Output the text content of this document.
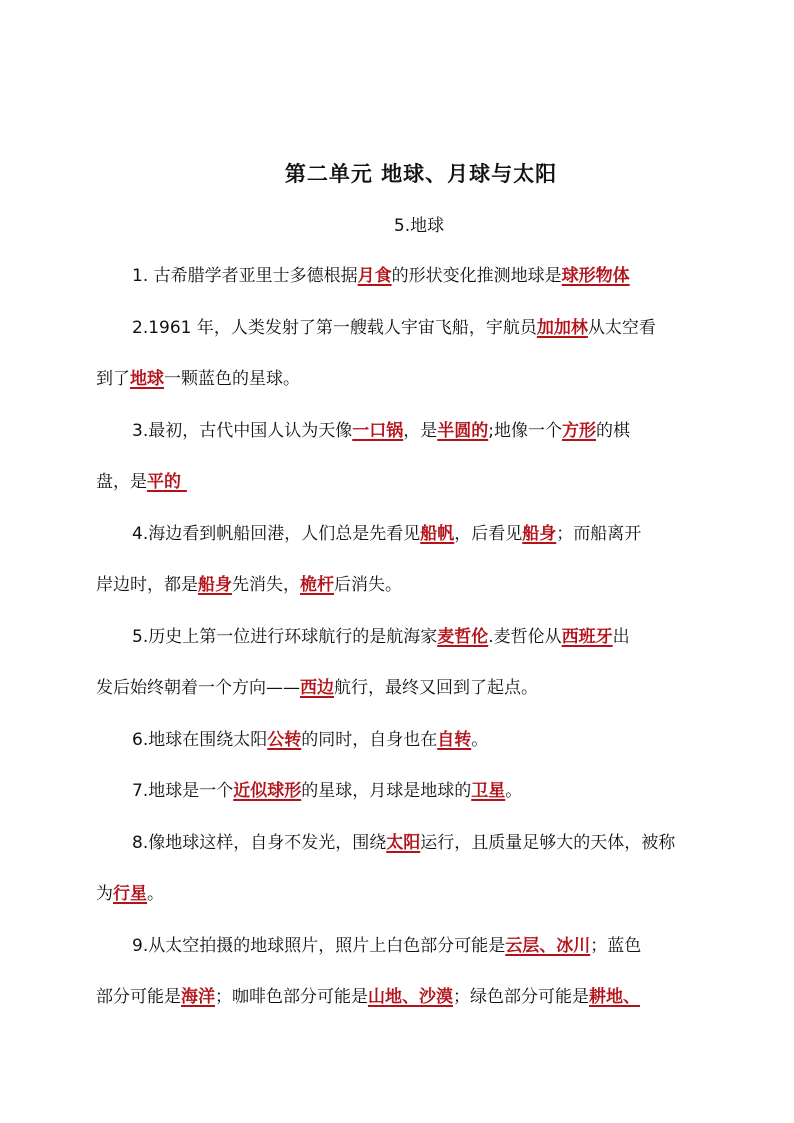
第二单元 地球、月球与太阳
5.地球
1. 古希腊学者亚里士多德根据月食的形状变化推测地球是球形物体
2.1961 年，人类发射了第一艘载人宇宙飞船，宇航员加加林从太空看
到了地球一颗蓝色的星球。
3.最初，古代中国人认为天像一口锅，是半圆的;地像一个方形的棋
盘，是平的
4.海边看到帆船回港，人们总是先看见船帆，后看见船身；而船离开
岸边时，都是船身先消失，桅杆后消失。
5.历史上第一位进行环球航行的是航海家麦哲伦.麦哲伦从西班牙出
发后始终朝着一个方向——西边航行，最终又回到了起点。
6.地球在围绕太阳公转的同时，自身也在自转。
7.地球是一个近似球形的星球，月球是地球的卫星。
8.像地球这样，自身不发光，围绕太阳运行，且质量足够大的天体，被称
为行星。
9.从太空拍摄的地球照片，照片上白色部分可能是云层、冰川；蓝色
部分可能是海洋；咖啡色部分可能是山地、沙漠；绿色部分可能是耕地、
